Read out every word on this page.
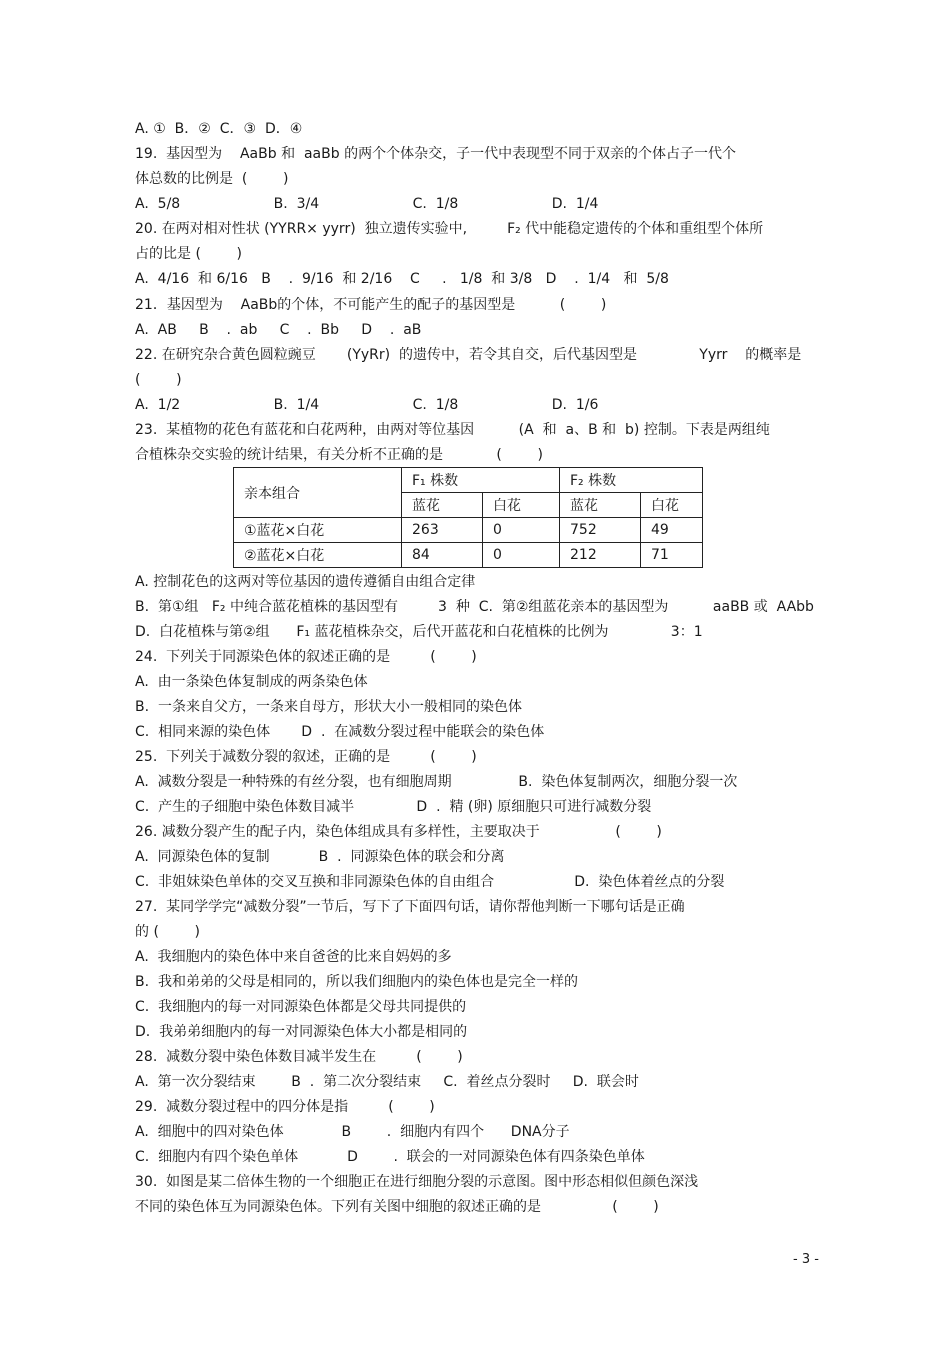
A. ①  B．②  C．③  D．④
19.  基因型为    AaBb 和  aaBb 的两个个体杂交，子一代中表现型不同于双亲的个体占子一代个
体总数的比例是  (        )
A.  5/8                     B.  3/4                     C.  1/8                     D.  1/4
20. 在两对相对性状 (YYRR× yyrr)  独立遗传实验中,         F₂ 代中能稳定遗传的个体和重组型个体所
占的比是 (        )
A.  4/16  和 6/16   B    .  9/16  和 2/16    C     .   1/8  和 3/8   D    .  1/4   和  5/8
21．基因型为    AaBb的个体，不可能产生的配子的基因型是          (        )
A.  AB     B    .  ab     C    .  Bb     D    .  aB
22. 在研究杂合黄色圆粒豌豆       (YyRr)  的遗传中，若令其自交，后代基因型是              Yyrr    的概率是
(        )
A.  1/2                     B.  1/4                     C.  1/8                     D.  1/6
23.  某植物的花色有蓝花和白花两种，由两对等位基因          (A  和  a、B 和  b) 控制。下表是两组纯
合植株杂交实验的统计结果，有关分析不正确的是            (        )
亲本组合	F₁ 株数		F₂ 株数	
	蓝花	白花	蓝花	白花
①蓝花×白花	263	0	752	49
②蓝花×白花	84	0	212	71
A. 控制花色的这两对等位基因的遗传遵循自由组合定律
B.  第①组   F₂ 中纯合蓝花植株的基因型有         3  种  C.  第②组蓝花亲本的基因型为          aaBB 或  AAbb
D.  白花植株与第②组      F₁ 蓝花植株杂交，后代开蓝花和白花植株的比例为              3：1
24.  下列关于同源染色体的叙述正确的是         (        )
A.  由一条染色体复制成的两条染色体
B.  一条来自父方，一条来自母方，形状大小一般相同的染色体
C.  相同来源的染色体       D  .  在减数分裂过程中能联会的染色体
25.  下列关于减数分裂的叙述，正确的是         (        )
A.  减数分裂是一种特殊的有丝分裂，也有细胞周期               B.  染色体复制两次，细胞分裂一次
C.  产生的子细胞中染色体数目减半              D  .  精 (卵) 原细胞只可进行减数分裂
26. 减数分裂产生的配子内，染色体组成具有多样性，主要取决于                 (        )
A.  同源染色体的复制           B  .  同源染色体的联会和分离
C.  非姐妹染色单体的交叉互换和非同源染色体的自由组合                  D.  染色体着丝点的分裂
27.  某同学学完“减数分裂”一节后，写下了下面四句话，请你帮他判断一下哪句话是正确
的 (        )
A.  我细胞内的染色体中来自爸爸的比来自妈妈的多
B.  我和弟弟的父母是相同的，所以我们细胞内的染色体也是完全一样的
C.  我细胞内的每一对同源染色体都是父母共同提供的
D.  我弟弟细胞内的每一对同源染色体大小都是相同的
28.  减数分裂中染色体数目减半发生在         (        )
A.  第一次分裂结束        B  .  第二次分裂结束     C.  着丝点分裂时     D.  联会时
29.  减数分裂过程中的四分体是指         (        )
A.  细胞中的四对染色体             B        .  细胞内有四个      DNA分子
C.  细胞内有四个染色单体           D        .  联会的一对同源染色体有四条染色单体
30.  如图是某二倍体生物的一个细胞正在进行细胞分裂的示意图。图中形态相似但颜色深浅
不同的染色体互为同源染色体。下列有关图中细胞的叙述正确的是                (        )
- 3 -
